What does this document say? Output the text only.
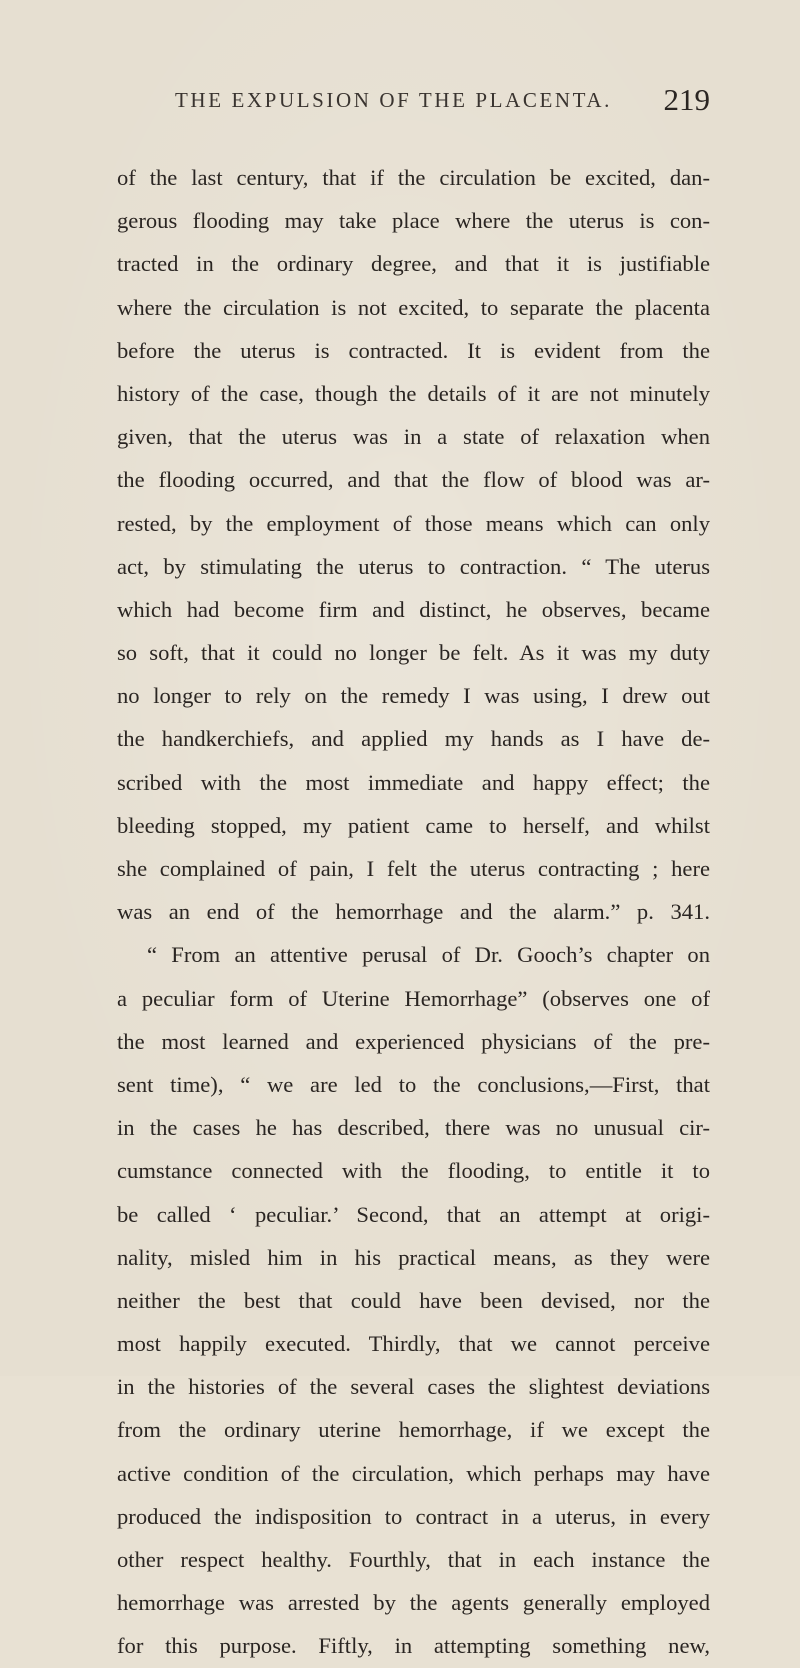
THE EXPULSION OF THE PLACENTA. 219
of the last century, that if the circulation be excited, dan-
gerous flooding may take place where the uterus is con-
tracted in the ordinary degree, and that it is justifiable
where the circulation is not excited, to separate the placenta
before the uterus is contracted. It is evident from the
history of the case, though the details of it are not minutely
given, that the uterus was in a state of relaxation when
the flooding occurred, and that the flow of blood was ar-
rested, by the employment of those means which can only
act, by stimulating the uterus to contraction. “ The uterus
which had become firm and distinct, he observes, became
so soft, that it could no longer be felt. As it was my duty
no longer to rely on the remedy I was using, I drew out
the handkerchiefs, and applied my hands as I have de-
scribed with the most immediate and happy effect; the
bleeding stopped, my patient came to herself, and whilst
she complained of pain, I felt the uterus contracting ; here
was an end of the hemorrhage and the alarm.” p. 341.
“ From an attentive perusal of Dr. Gooch’s chapter on
a peculiar form of Uterine Hemorrhage” (observes one of
the most learned and experienced physicians of the pre-
sent time), “ we are led to the conclusions,—First, that
in the cases he has described, there was no unusual cir-
cumstance connected with the flooding, to entitle it to
be called ‘ peculiar.’ Second, that an attempt at origi-
nality, misled him in his practical means, as they were
neither the best that could have been devised, nor the
most happily executed. Thirdly, that we cannot perceive
in the histories of the several cases the slightest deviations
from the ordinary uterine hemorrhage, if we except the
active condition of the circulation, which perhaps may have
produced the indisposition to contract in a uterus, in every
other respect healthy. Fourthly, that in each instance the
hemorrhage was arrested by the agents generally employed
for this purpose. Fiftly, in attempting something new,
